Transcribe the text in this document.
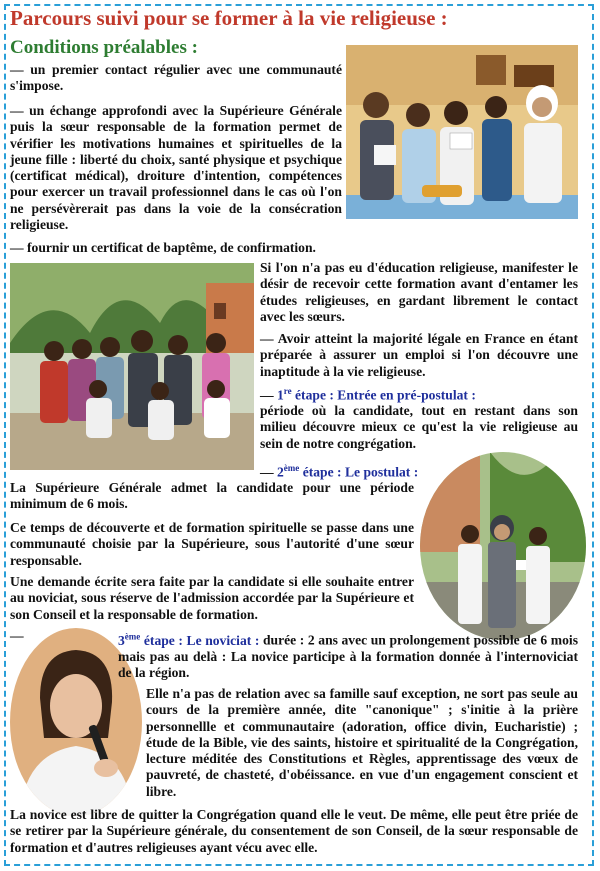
Parcours suivi pour se former à la vie religieuse :
Conditions préalables :
— un premier contact régulier avec une communauté s'impose.
— un échange approfondi avec la Supérieure Générale puis la sœur responsable de la formation permet de vérifier les motivations humaines et spirituelles de la jeune fille : liberté du choix, santé physique et psychique (certificat médical), droiture d'intention, compétences pour exercer un travail professionnel dans le cas où l'on ne persévèrerait pas dans la voie de la consécration religieuse.
— fournir un certificat de baptême, de confirmation.
Si l'on n'a pas eu d'éducation religieuse, manifester le désir de recevoir cette formation avant d'entamer les études religieuses, en gardant librement le contact avec les sœurs.
— Avoir atteint la majorité légale en France en étant préparée à assurer un emploi si l'on découvre une inaptitude à la vie religieuse.
— 1re étape : Entrée en pré-postulat :
période où la candidate, tout en restant dans son milieu découvre mieux ce qu'est la vie religieuse au sein de notre congrégation.
— 2ème étape : Le postulat :
La Supérieure Générale admet la candidate pour une période minimum de 6 mois.
Ce temps de découverte et de formation spirituelle se passe dans une communauté choisie par la Supérieure, sous l'autorité d'une sœur responsable.
Une demande écrite sera faite par la candidate si elle souhaite entrer au noviciat, sous réserve de l'admission accordée par la Supérieure et son Conseil et la responsable de formation.
—	3ème étape : Le noviciat : durée : 2 ans avec un prolongement possible de 6 mois mais pas au delà : La novice participe à la formation donnée à l'internoviciat de la région.
Elle n'a pas de relation avec sa famille sauf exception, ne sort pas seule au cours de la première année, dite "canonique" ; s'initie à la prière personnellle et communautaire (adoration, office divin, Eucharistie) ; étude de la Bible, vie des saints, histoire et spiritualité de la Congrégation, lecture méditée des Constitutions et Règles, apprentissage des vœux de pauvreté, de chasteté, d'obéissance. en vue d'un engagement conscient et libre.
La novice est libre de quitter la Congrégation quand elle le veut. De même, elle peut être priée de se retirer par la Supérieure générale, du consentement de son Conseil, de la sœur responsable de formation et d'autres religieuses ayant vécu avec elle.
